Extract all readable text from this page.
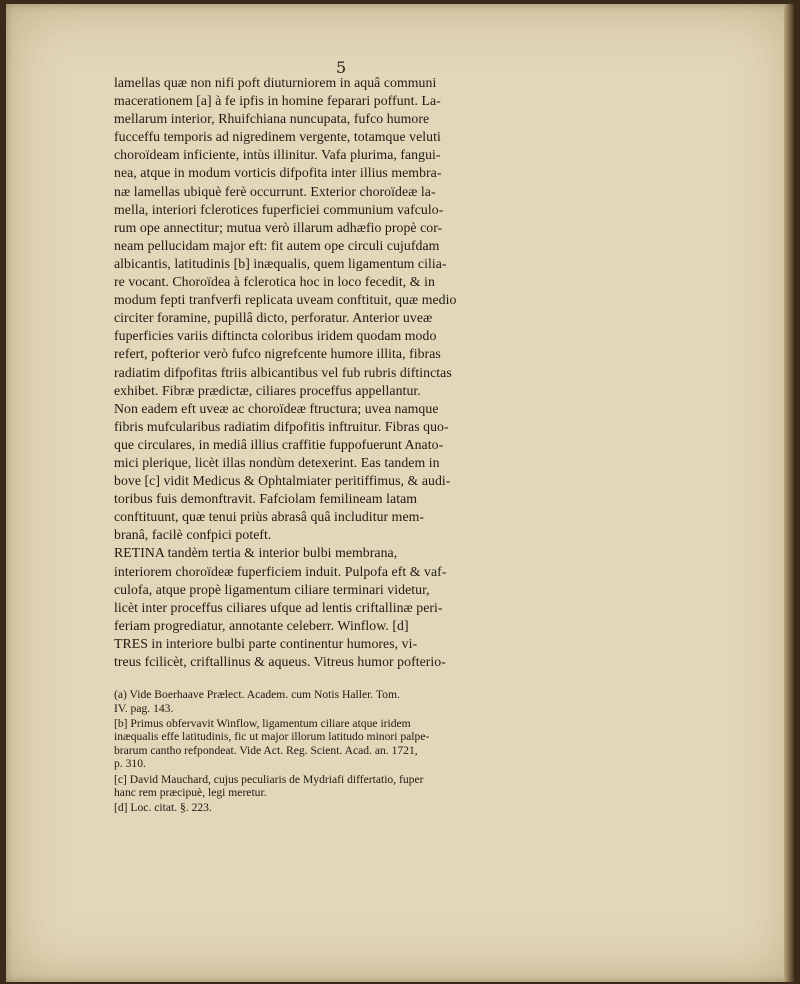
5
lamellas quæ non nifi poft diuturniorem in aquâ communi
macerationem [a] à fe ipfis in homine feparari poffunt. La-
mellarum interior, Rhuifchiana nuncupata, fufco humore
fucceffu temporis ad nigredinem vergente, totamque veluti
choroïdeam inficiente, intùs illinitur. Vafa plurima, fangui-
nea, atque in modum vorticis difpofita inter illius membra-
næ lamellas ubiquè ferè occurrunt. Exterior choroïdeæ la-
mella, interiori fclerotices fuperficiei communium vafculo-
rum ope annectitur; mutua verò illarum adhæfio propè cor-
neam pellucidam major eft: fit autem ope circuli cujufdam
albicantis, latitudinis [b] inæqualis, quem ligamentum cilia-
re vocant. Choroïdea à fclerotica hoc in loco fecedit, & in
modum fepti tranfverfi replicata uveam conftituit, quæ medio
circiter foramine, pupillâ dicto, perforatur. Anterior uveæ
fuperficies variis diftincta coloribus iridem quodam modo
refert, pofterior verò fufco nigrefcente humore illita, fibras
radiatim difpofitas ftriis albicantibus vel fub rubris diftinctas
exhibet. Fibræ prædictæ, ciliares proceffus appellantur.
Non eadem eft uveæ ac choroïdeæ ftructura; uvea namque
fibris mufcularibus radiatim difpofitis inftruitur. Fibras quo-
que circulares, in mediâ illius craffitie fuppofuerunt Anato-
mici plerique, licèt illas nondùm detexerint. Eas tandem in
bove [c] vidit Medicus & Ophtalmiater peritiffimus, & audi-
toribus fuis demonftravit. Fafciolam femilineam latam
conftituunt, quæ tenui priùs abrasâ quâ includitur mem-
branâ, facilè confpici poteft.
RETINA tandèm tertia & interior bulbi membrana,
interiorem choroïdeæ fuperficiem induit. Pulpofa eft & vaf-
culofa, atque propè ligamentum ciliare terminari videtur,
licèt inter proceffus ciliares ufque ad lentis criftallinæ peri-
feriam progrediatur, annotante celeberr. Winflow. [d]
TRES in interiore bulbi parte continentur humores, vi-
treus fcilicèt, criftallinus & aqueus. Vitreus humor pofterio-
(a) Vide Boerhaave Prælect. Academ. cum Notis Haller. Tom.
IV. pag. 143.
[b] Primus obfervavit Winflow, ligamentum ciliare atque iridem
inæqualis effe latitudinis, fic ut major illorum latitudo minori palpe-
brarum cantho refpondeat. Vide Act. Reg. Scient. Acad. an. 1721,
p. 310.
[c] David Mauchard, cujus peculiaris de Mydriafi differtatio, fuper
hanc rem præcipuè, legi meretur.
[d] Loc. citat. §. 223.
